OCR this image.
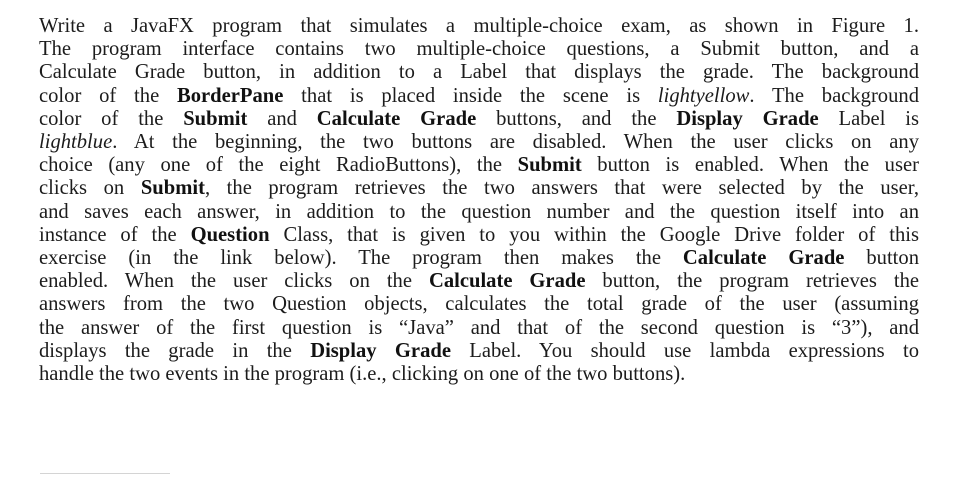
Write a JavaFX program that simulates a multiple-choice exam, as shown in Figure 1.
The program interface contains two multiple-choice questions, a Submit button, and a
Calculate Grade button, in addition to a Label that displays the grade. The background
color of the BorderPane that is placed inside the scene is lightyellow. The background
color of the Submit and Calculate Grade buttons, and the Display Grade Label is
lightblue. At the beginning, the two buttons are disabled. When the user clicks on any
choice (any one of the eight RadioButtons), the Submit button is enabled. When the user
clicks on Submit, the program retrieves the two answers that were selected by the user,
and saves each answer, in addition to the question number and the question itself into an
instance of the Question Class, that is given to you within the Google Drive folder of this
exercise (in the link below). The program then makes the Calculate Grade button
enabled. When the user clicks on the Calculate Grade button, the program retrieves the
answers from the two Question objects, calculates the total grade of the user (assuming
the answer of the first question is “Java” and that of the second question is “3”), and
displays the grade in the Display Grade Label. You should use lambda expressions to
handle the two events in the program (i.e., clicking on one of the two buttons).
